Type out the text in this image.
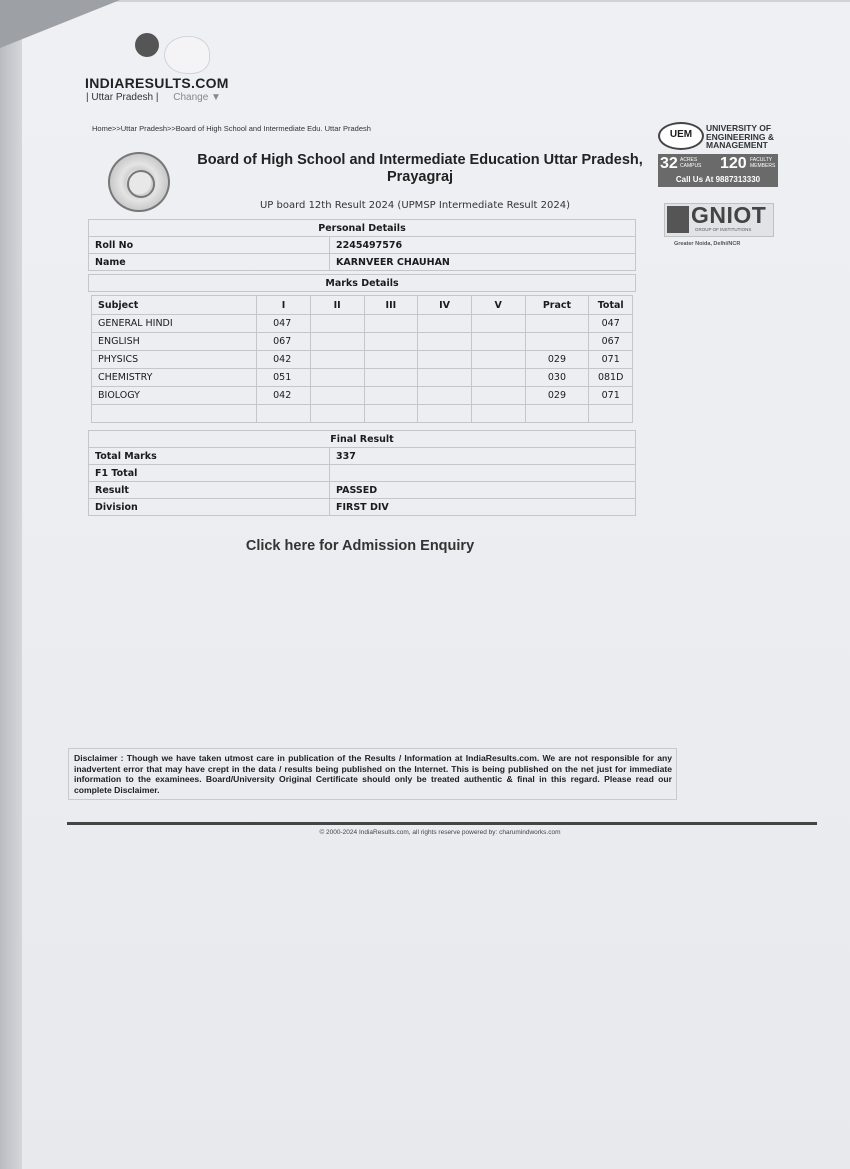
INDIARESULTS.COM
| Uttar Pradesh | Change ▼
Home>>Uttar Pradesh>>Board of High School and Intermediate Edu. Uttar Pradesh
Board of High School and Intermediate Education Uttar Pradesh, Prayagraj
UP board 12th Result 2024 (UPMSP Intermediate Result 2024)
Personal Details	
Roll No	2245497576
Name	KARNVEER CHAUHAN
Marks Details
Subject	I	II	III	IV	V	Pract	Total
GENERAL HINDI	047						047
ENGLISH	067						067
PHYSICS	042					029	071
CHEMISTRY	051					030	081D
BIOLOGY	042					029	071

Final Result
Total Marks	337
F1 Total	
Result	PASSED
Division	FIRST DIV
Click here for Admission Enquiry
Disclaimer : Though we have taken utmost care in publication of the Results / Information at IndiaResults.com. We are not responsible for any inadvertent error that may have crept in the data / results being published on the Internet. This is being published on the net just for immediate information to the examinees. Board/University Original Certificate should only be treated authentic & final in this regard. Please read our complete Disclaimer.
© 2000-2024 IndiaResults.com, all rights reserve powered by: charumindworks.com
UEM
UNIVERSITY OF
ENGINEERING &
MANAGEMENT
32 ACRES
CAMPUS 120 FACULTY
MEMBERS
Call Us At 9887313330
GNIOT
GROUP OF INSTITUTIONS
Greater Noida, Delhi/NCR
